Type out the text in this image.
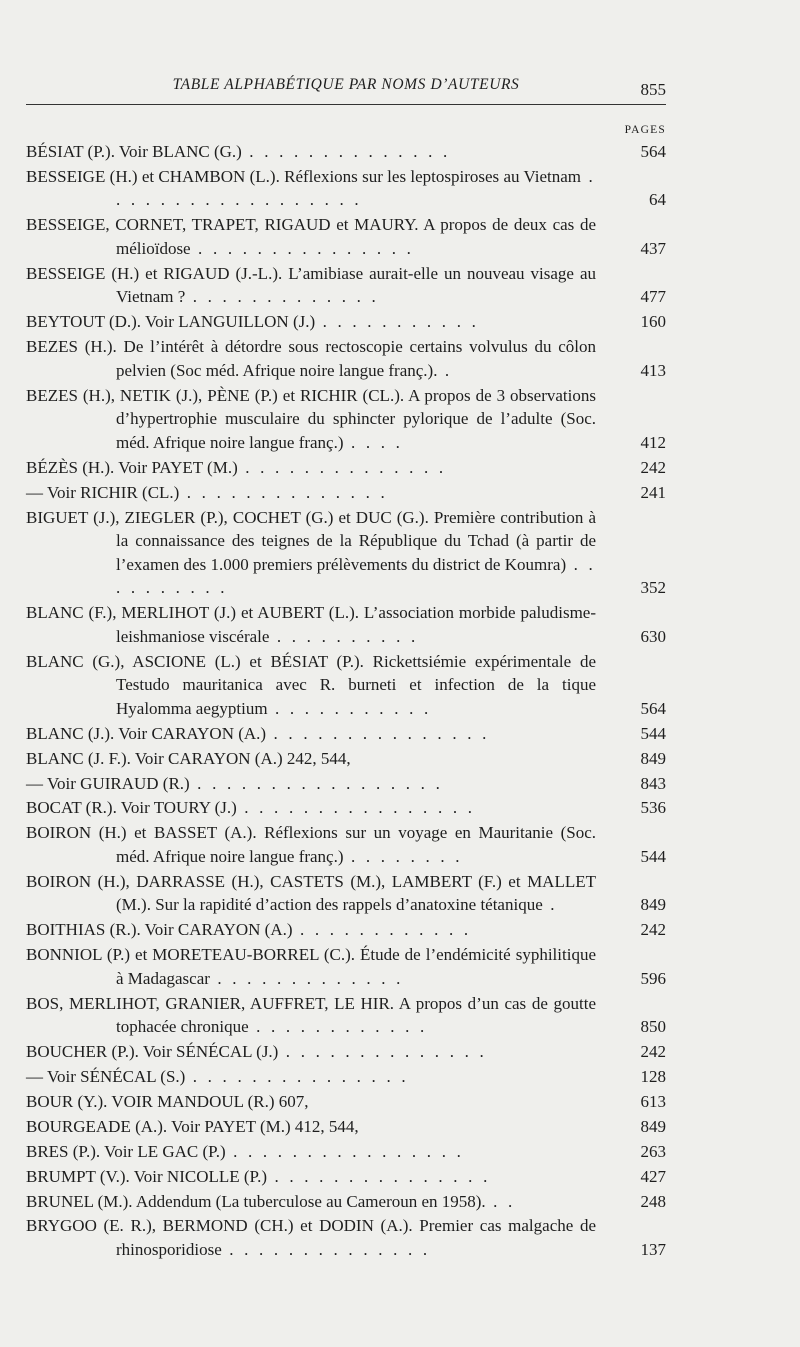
TABLE ALPHABÉTIQUE PAR NOMS D’AUTEURS	855
PAGES
BÉSIAT (P.). Voir BLANC (G.) . . . . . . . . . . . . . .	564
BESSEIGE (H.) et CHAMBON (L.). Réflexions sur les leptospiroses au Vietnam . . . . . . . . . . . . . . . . . .	64
BESSEIGE, CORNET, TRAPET, RIGAUD et MAURY. A propos de deux cas de mélioïdose . . . . . . . . . . . . . . .	437
BESSEIGE (H.) et RIGAUD (J.-L.). L’amibiase aurait-elle un nouveau visage au Vietnam ? . . . . . . . . . . . . .	477
BEYTOUT (D.). Voir LANGUILLON (J.) . . . . . . . . . . .	160
BEZES (H.). De l’intérêt à détordre sous rectoscopie certains volvulus du côlon pelvien (Soc méd. Afrique noire langue franç.). .	413
BEZES (H.), NETIK (J.), PÈNE (P.) et RICHIR (CL.). A propos de 3 observations d’hypertrophie musculaire du sphincter pylorique de l’adulte (Soc. méd. Afrique noire langue franç.) . . . .	412
BÉZÈS (H.). Voir PAYET (M.) . . . . . . . . . . . . . .	242
— Voir RICHIR (CL.) . . . . . . . . . . . . . .	241
BIGUET (J.), ZIEGLER (P.), COCHET (G.) et DUC (G.). Première contribution à la connaissance des teignes de la République du Tchad (à partir de l’examen des 1.000 premiers prélèvements du district de Koumra) . . . . . . . . . .	352
BLANC (F.), MERLIHOT (J.) et AUBERT (L.). L’association morbide paludisme-leishmaniose viscérale . . . . . . . . . .	630
BLANC (G.), ASCIONE (L.) et BÉSIAT (P.). Rickettsiémie expérimentale de Testudo mauritanica avec R. burneti et infection de la tique Hyalomma aegyptium . . . . . . . . . . .	564
BLANC (J.). Voir CARAYON (A.) . . . . . . . . . . . . . . .	544
BLANC (J. F.). Voir CARAYON (A.) 242, 544,	849
— Voir GUIRAUD (R.) . . . . . . . . . . . . . . . . .	843
BOCAT (R.). Voir TOURY (J.) . . . . . . . . . . . . . . . .	536
BOIRON (H.) et BASSET (A.). Réflexions sur un voyage en Mauritanie (Soc. méd. Afrique noire langue franç.) . . . . . . . .	544
BOIRON (H.), DARRASSE (H.), CASTETS (M.), LAMBERT (F.) et MALLET (M.). Sur la rapidité d’action des rappels d’anatoxine tétanique .	849
BOITHIAS (R.). Voir CARAYON (A.) . . . . . . . . . . . .	242
BONNIOL (P.) et MORETEAU-BORREL (C.). Étude de l’endémicité syphilitique à Madagascar . . . . . . . . . . . . .	596
BOS, MERLIHOT, GRANIER, AUFFRET, LE HIR. A propos d’un cas de goutte tophacée chronique . . . . . . . . . . . .	850
BOUCHER (P.). Voir SÉNÉCAL (J.) . . . . . . . . . . . . . .	242
— Voir SÉNÉCAL (S.) . . . . . . . . . . . . . . .	128
BOUR (Y.). VOIR MANDOUL (R.) 607,	613
BOURGEADE (A.). Voir PAYET (M.) 412, 544,	849
BRES (P.). Voir LE GAC (P.) . . . . . . . . . . . . . . . .	263
BRUMPT (V.). Voir NICOLLE (P.) . . . . . . . . . . . . . . .	427
BRUNEL (M.). Addendum (La tuberculose au Cameroun en 1958). . .	248
BRYGOO (E. R.), BERMOND (CH.) et DODIN (A.). Premier cas malgache de rhinosporidiose . . . . . . . . . . . . . .	137
